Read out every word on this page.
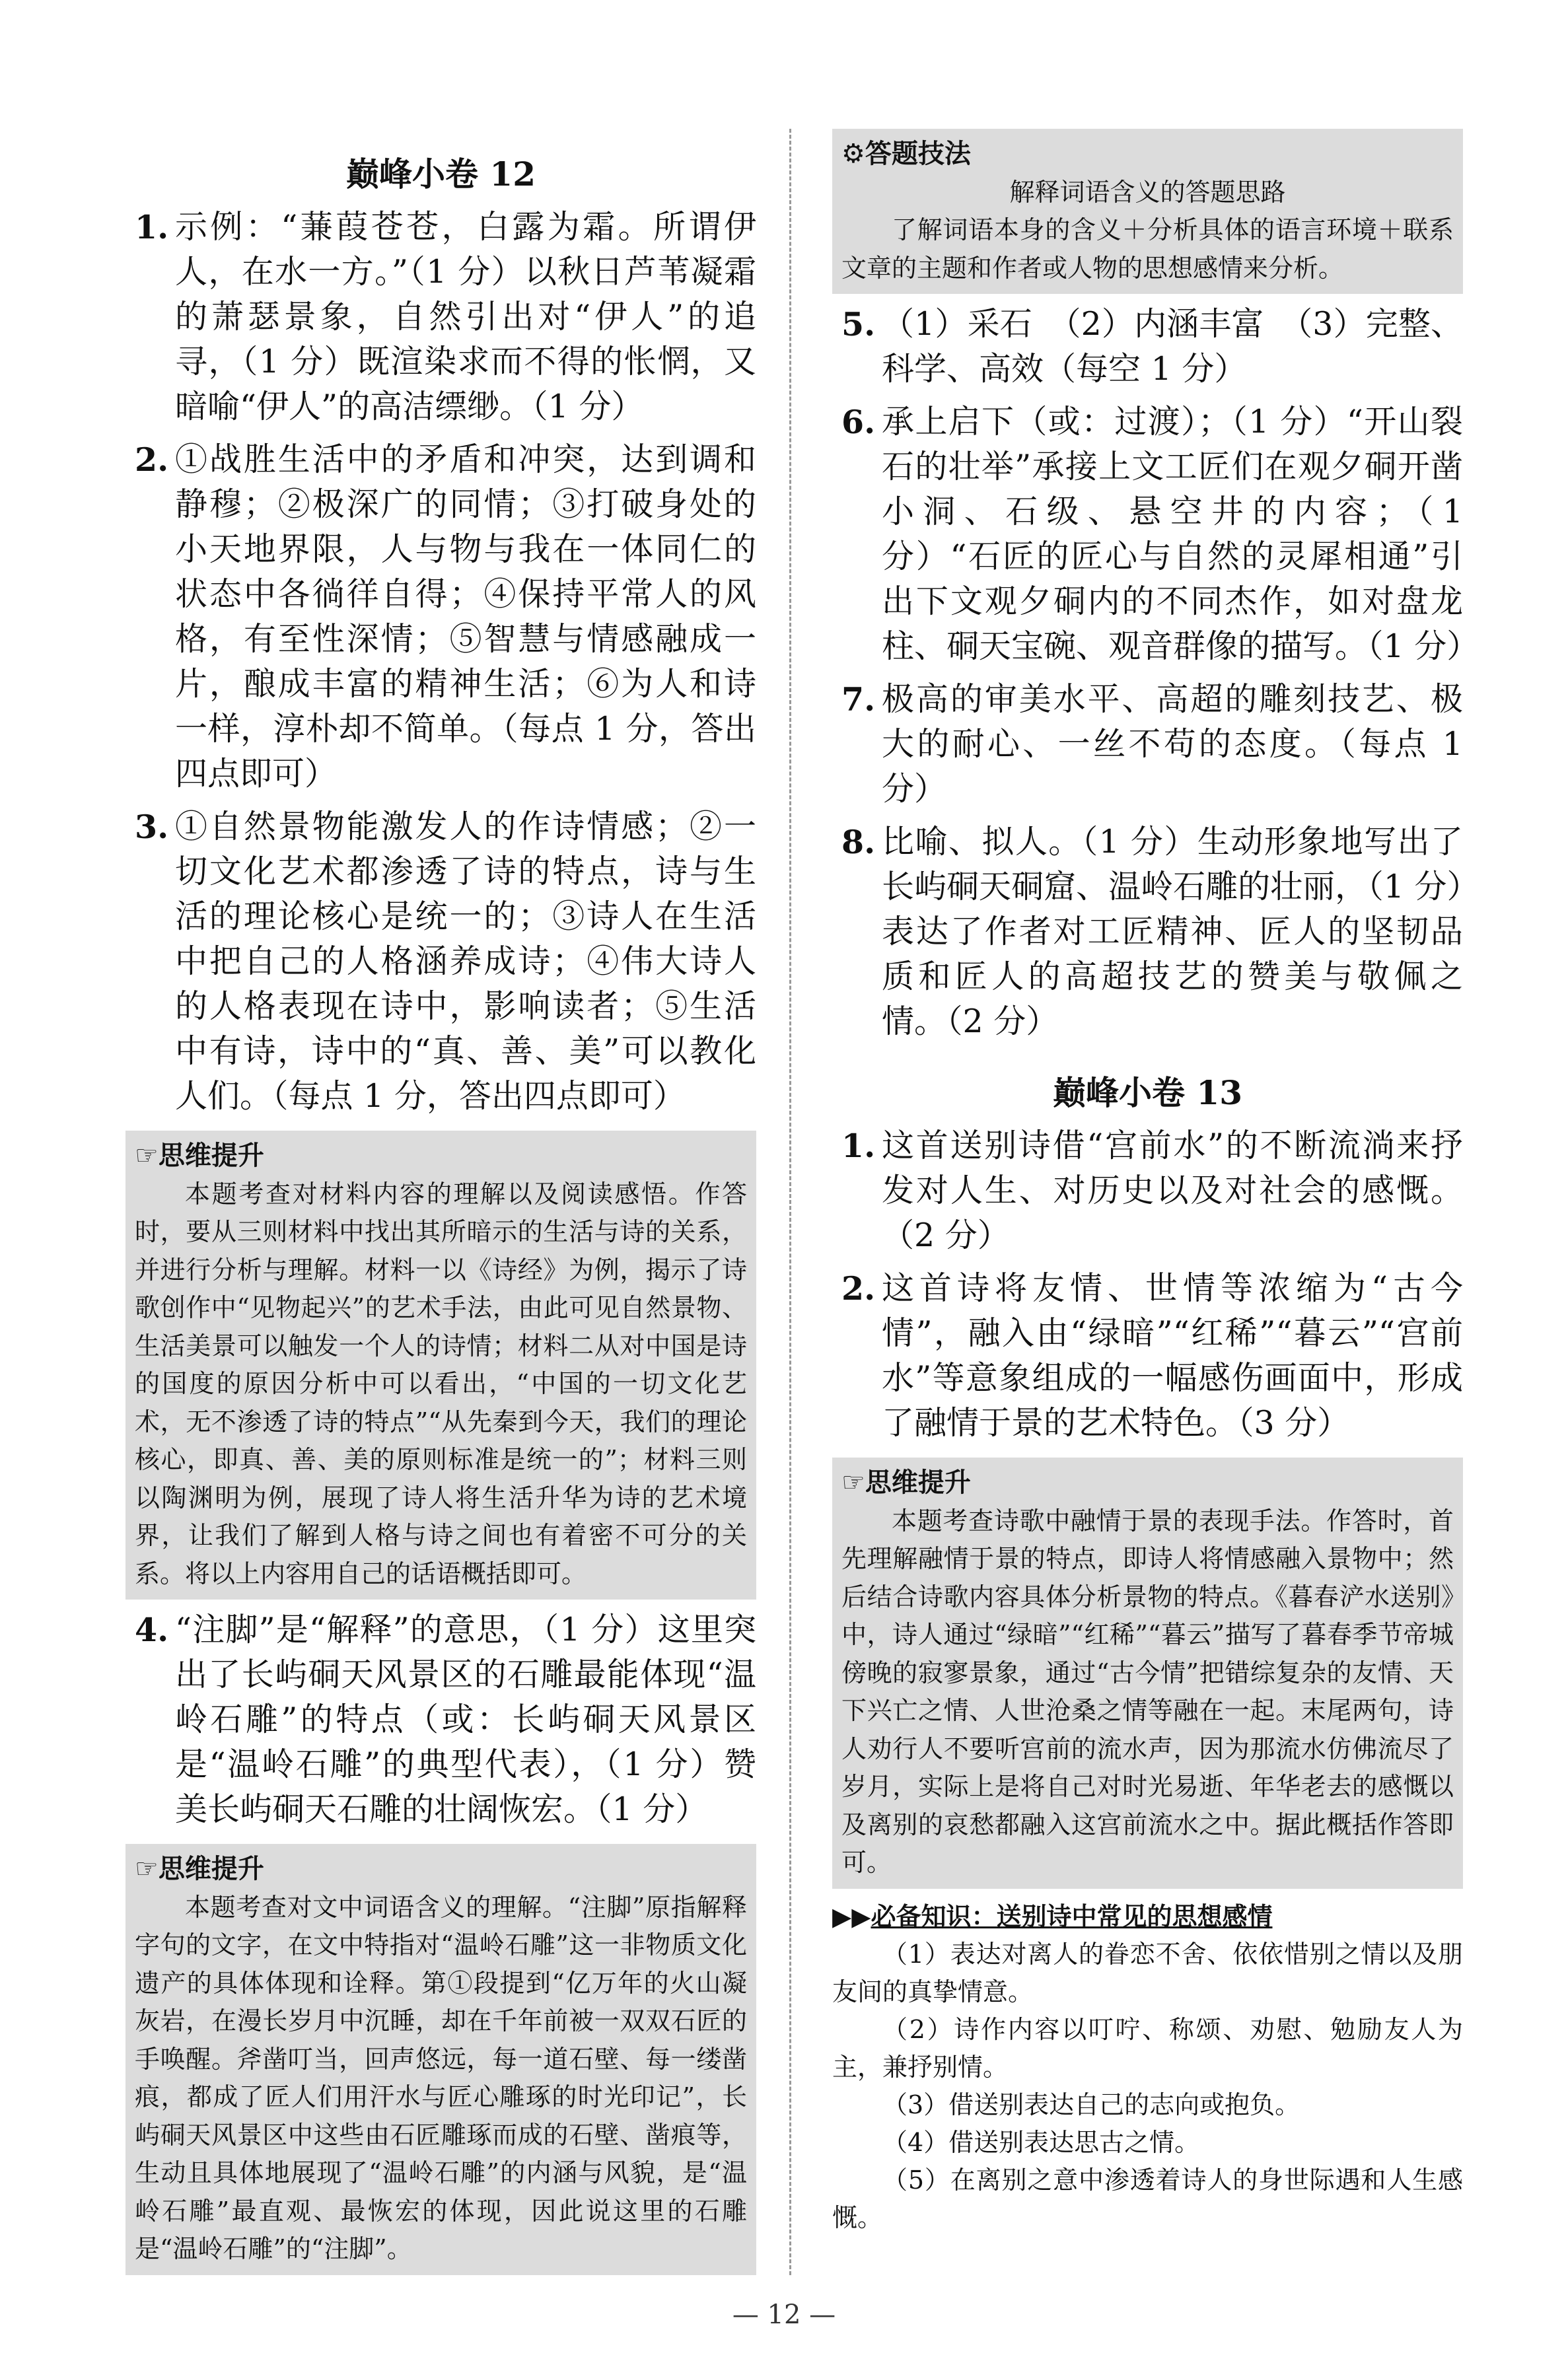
巅峰小卷 12
1. 示例：“蒹葭苍苍，白露为霜。所谓伊人，在水一方。”（1 分）以秋日芦苇凝霜的萧瑟景象，自然引出对“伊人”的追寻，（1 分）既渲染求而不得的怅惘，又暗喻“伊人”的高洁缥缈。（1 分）
2. ①战胜生活中的矛盾和冲突，达到调和静穆；②极深广的同情；③打破身处的小天地界限，人与物与我在一体同仁的状态中各徜徉自得；④保持平常人的风格，有至性深情；⑤智慧与情感融成一片，酿成丰富的精神生活；⑥为人和诗一样，淳朴却不简单。（每点 1 分，答出四点即可）
3. ①自然景物能激发人的作诗情感；②一切文化艺术都渗透了诗的特点，诗与生活的理论核心是统一的；③诗人在生活中把自己的人格涵养成诗；④伟大诗人的人格表现在诗中，影响读者；⑤生活中有诗，诗中的“真、善、美”可以教化人们。（每点 1 分，答出四点即可）
☞思维提升
本题考查对材料内容的理解以及阅读感悟。作答时，要从三则材料中找出其所暗示的生活与诗的关系，并进行分析与理解。材料一以《诗经》为例，揭示了诗歌创作中“见物起兴”的艺术手法，由此可见自然景物、生活美景可以触发一个人的诗情；材料二从对中国是诗的国度的原因分析中可以看出，“中国的一切文化艺术，无不渗透了诗的特点”“从先秦到今天，我们的理论核心，即真、善、美的原则标准是统一的”；材料三则以陶渊明为例，展现了诗人将生活升华为诗的艺术境界，让我们了解到人格与诗之间也有着密不可分的关系。将以上内容用自己的话语概括即可。
4. “注脚”是“解释”的意思，（1 分）这里突出了长屿硐天风景区的石雕最能体现“温岭石雕”的特点（或：长屿硐天风景区是“温岭石雕”的典型代表），（1 分）赞美长屿硐天石雕的壮阔恢宏。（1 分）
☞思维提升
本题考查对文中词语含义的理解。“注脚”原指解释字句的文字，在文中特指对“温岭石雕”这一非物质文化遗产的具体体现和诠释。第①段提到“亿万年的火山凝灰岩，在漫长岁月中沉睡，却在千年前被一双双石匠的手唤醒。斧凿叮当，回声悠远，每一道石壁、每一缕凿痕，都成了匠人们用汗水与匠心雕琢的时光印记”，长屿硐天风景区中这些由石匠雕琢而成的石壁、凿痕等，生动且具体地展现了“温岭石雕”的内涵与风貌，是“温岭石雕”最直观、最恢宏的体现，因此说这里的石雕是“温岭石雕”的“注脚”。
⚙答题技法
解释词语含义的答题思路
了解词语本身的含义＋分析具体的语言环境＋联系文章的主题和作者或人物的思想感情来分析。
5. （1）采石　（2）内涵丰富　（3）完整、科学、高效（每空 1 分）
6. 承上启下（或：过渡）；（1 分）“开山裂石的壮举”承接上文工匠们在观夕硐开凿小洞、石级、悬空井的内容；（1 分）“石匠的匠心与自然的灵犀相通”引出下文观夕硐内的不同杰作，如对盘龙柱、硐天宝碗、观音群像的描写。（1 分）
7. 极高的审美水平、高超的雕刻技艺、极大的耐心、一丝不苟的态度。（每点 1 分）
8. 比喻、拟人。（1 分）生动形象地写出了长屿硐天硐窟、温岭石雕的壮丽，（1 分）表达了作者对工匠精神、匠人的坚韧品质和匠人的高超技艺的赞美与敬佩之情。（2 分）
巅峰小卷 13
1. 这首送别诗借“宫前水”的不断流淌来抒发对人生、对历史以及对社会的感慨。（2 分）
2. 这首诗将友情、世情等浓缩为“古今情”，融入由“绿暗”“红稀”“暮云”“宫前水”等意象组成的一幅感伤画面中，形成了融情于景的艺术特色。（3 分）
☞思维提升
本题考查诗歌中融情于景的表现手法。作答时，首先理解融情于景的特点，即诗人将情感融入景物中；然后结合诗歌内容具体分析景物的特点。《暮春浐水送别》中，诗人通过“绿暗”“红稀”“暮云”描写了暮春季节帝城傍晚的寂寥景象，通过“古今情”把错综复杂的友情、天下兴亡之情、人世沧桑之情等融在一起。末尾两句，诗人劝行人不要听宫前的流水声，因为那流水仿佛流尽了岁月，实际上是将自己对时光易逝、年华老去的感慨以及离别的哀愁都融入这宫前流水之中。据此概括作答即可。
▶▶必备知识：送别诗中常见的思想感情
（1）表达对离人的眷恋不舍、依依惜别之情以及朋友间的真挚情意。
（2）诗作内容以叮咛、称颂、劝慰、勉励友人为主，兼抒别情。
（3）借送别表达自己的志向或抱负。
（4）借送别表达思古之情。
（5）在离别之意中渗透着诗人的身世际遇和人生感慨。
— 12 —
